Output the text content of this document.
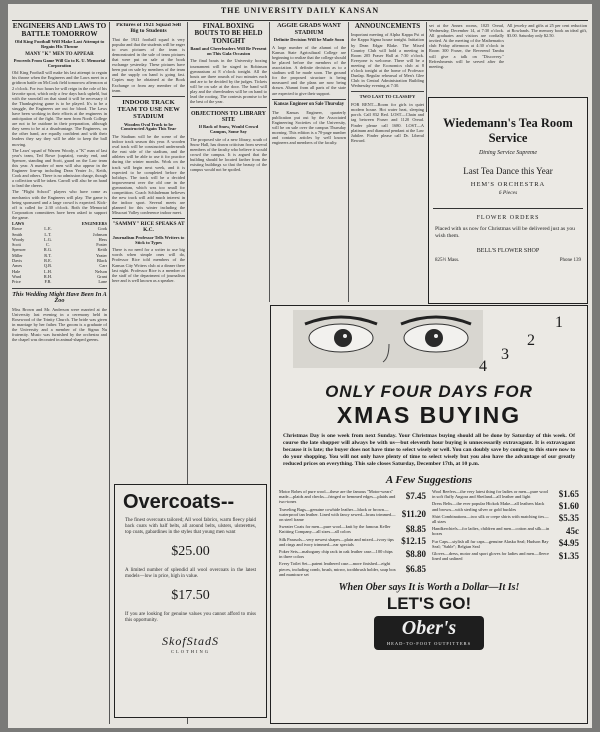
THE UNIVERSITY DAILY KANSAN
ENGINEERS AND LAWS TO BATTLE TOMORROW
Old King Football Will Make Last Attempt to Regain His Throne
MANY "K" MEN TO APPEAR
Proceeds From Game Will Go to K. U. Memorial Corporation

Old King Football will make his last attempt to regain his throne when the Engineers and the Laws meet in a gridiron battle on McCook field tomorrow afternoon at 2 o'clock. For two hours he will reign in the role of his favorite sport, which only a few days back upheld, but with the snowfall on that stand it will be necessary if the Thanksgiving game is to be played. It's to be a struggle, the Engineers are out for blood. The Laws have been working in their efforts at the engineers in anticipation of the fight. The men from North College are not to be outdone in their preparation, although they seem to be at a disadvantage. The Engineers, on the other hand, are equally confident and with their leaders they say they will be able to keep the ball moving.

The Laws' squad of Warren Woody, a "K" man of last year's team, Ted Rowe (captain), varsity end, and Spencer, standing and Scott, guard on the Law team this year. A number of men will also appear in the Engineer line-up including Dean Yeater Jr., Keith, Cook and others. There is no admission charge, though a collection will be taken. Carroll will also be on hand to lead the cheers.

The "Flight School" players who have come as mechanics with the Engineers will play. The game is being sponsored and a large crowd is expected. Kick-off is called for 2:30 o'clock. Both the Memorial Corporation committees have been asked to support the game.

LAWS		ENGINEERS
Rowe	L.E.	Cook
Smith	L.T.	Johnson
Woody	L.G.	Hess
Scott	C.	Foster
Spencer	R.G.	Keith
Miller	R.T.	Yeater
Davis	R.E.	Black
Ames	Q.B.	Carr
Hale	L.H.	Nelson
Ward	R.H.	Grant
Price	F.B.	Lane
This Wedding Might Have Been In A Zoo

Miss Brown and Mr. Anderson were married at the University last evening in a ceremony held in Rosewood of the Trinity Church. The bride was given in marriage by her father. The groom is a graduate of the University and a member of the Sigma Nu fraternity. Music was furnished by the orchestra and the chapel was decorated in animal-shaped greens.

Pictures of 1921 Squad Sell Big to Students

That the 1921 football squad is very popular and that the students will be eager to own pictures of the team is demonstrated in the sale of team pictures that were put on sale at the book exchange yesterday. These pictures have been put on sale by members of the team and the supply on hand is going fast. Copies may be obtained at the Book Exchange or from any member of the team.

INDOOR TRACK TEAM TO USE NEW STADIUM
Wooden Oval Track to be Constructed Again This Year

The Stadium will be the scene of the indoor track season this year. A wooden oval track will be constructed underneath the east side of the stadium, and the athletes will be able to use it for practice during the winter months. Work on the track will begin next week, and it is expected to be completed before the holidays. The track will be a decided improvement over the old one in the gymnasium, which was too small for competition. Coach Schlademan believes the new track will add much interest in the indoor sport. Several meets are planned for this winter including the Missouri Valley conference indoor meet.

"SAMMY" RICE SPEAKS AT K.C.
Journalism Professor Tells Writers to Stick to Types

There is no need for a writer to use big words when simple ones will do, Professor Rice told members of the Kansas City Writers club at a dinner there last night. Professor Rice is a member of the staff of the department of journalism here and is well known as a speaker.

FINAL BOXING BOUTS TO BE HELD TONIGHT
Band and Cheerleaders Will Be Present on This Gala Occasion

The final bouts in the University boxing tournament will be staged in Robinson gymnasium at 8 o'clock tonight. All the bouts are three rounds of two minutes each and are to be decided by the judges. Tickets will be on sale at the door. The band will play and the cheerleaders will be on hand to lead the rooting. The contests promise to be the best of the year.

OBJECTIONS TO LIBRARY SITE
If Back of Snow, Would Crowd Campus, Some Say

The proposed site of a new library, south of Snow Hall, has drawn criticism from several members of the faculty who believe it would crowd the campus. It is argued that the building should be located farther from the existing buildings so that the beauty of the campus would not be spoiled.

Overcoats--
The finest overcoats tailored; All wool fabrics, warm fleecy plaid back coats with half belts, all around belts, ulsters, ulsterettes, top coats, gabardines in the styles that young men want
$25.00
A limited number of splendid all wool overcoats in the latest models—low in price, high in value.
$17.50
If you are looking for genuine values you cannot afford to miss this opportunity.
SkofStadS
CLOTHING
AGGIE GRADS WANT STADIUM
Definite Decision Will be Made Soon

A large number of the alumni of the Kansas State Agricultural College are beginning to realize that the college should be placed before the members of the association. A definite decision as to a stadium will be made soon. The ground for the proposed structure is being measured and the plans are now being drawn. Alumni from all parts of the state are expected to give their support.

Kansas Engineer on Sale Thursday

The Kansas Engineer, quarterly publication put out by the Associated Engineering Societies of the University, will be on sale over the campus Thursday morning. This edition is a 70-page number and contains articles by well known engineers and members of the faculty.

ANNOUNCEMENTS

Important meeting of Alpha Kappa Psi at the Kappa Sigma house tonight. Initiation by Dean Edgar Blake. The Mixed Country Club will hold a meeting in Room 205 Fraser Hall at 7:30 o'clock. Everyone is welcome. There will be a meeting of the Economics club at 8 o'clock tonight at the home of Professor Dunlap. Regular rehearsal of Men's Glee Club in Central Administration Building Wednesday evening at 7:30.

TWO LAST TO CLASSIFY

FOR RENT—Room for girls in quiet modern house. Hot water heat, sleeping porch. Call 832 Red. LOST—Chain and tag between Fraser and 1120 Oread. Finder please call 1680. LOST—A platinum and diamond pendant at the Law Jubilee. Finder please call Dr. Liberal Reward.

set at the Annex rooms, 1025 Oread, Wednesday, December 14, at 7:30 o'clock. All graduates and visitors are cordially invited. At the meeting of the Mathematics club Friday afternoon at 4:30 o'clock in Room 300 Fraser, the Reverend Tambu will give a talk on "Discovery." Refreshments will be served after the meeting.
All jewelry and gifts at 25 per cent reduction at Rowlands. The memory book an ideal gift, $3.00. Saturday only $2.50.
Wiedemann's Tea Room
Service
Dining Service Supreme
Last Tea Dance this Year
HEM'S ORCHESTRA
6 Pieces
FLOWER ORDERS
Placed with us now for Christmas will be delivered just as you wish them.
BELL'S FLOWER SHOP
825½ Mass.	Phone 139
1
2
3
4
ONLY FOUR DAYS FOR
XMAS BUYING
Christmas Day is one week from next Sunday. Your Christmas buying should all be done by Saturday of this week. Of course the late shopper will always be with us—but eleventh hour buying is unnecessarily extravagant. It is extravagant because it is late; the buyer does not have time to select wisely or well. You can doubly save by coming to this store now to do your shopping. You will not only have plenty of time to select wisely but you also have the advantage of our greatly reduced prices on everything. This sale closes Saturday, December 17th, at 10 p.m.
A Few Suggestions
Motor Robes of pure wool—these are the famous "Motor-wears" made—plaids and checks—fringed or hemmed edges—plaids and two-tones
$7.45
Traveling Bags—genuine cowhide leather—black or brown—waterproof tan leather. Lined with fancy sewed—brass trimmed—on steel frame
$11.20
Sweater Coats for men—pure wool—knit by the famous Keller Knitting Company—all sizes—all colors	$8.85
Silk Parasols—very newest shapes—plain and mixed—ivory tips and rings and ivory trimmed—ear specials	$12.15
Poker Sets—mahogany chip rack in oak leather case—100 chips in three colors	$8.80
Every Toilet Set—patent leathered case—more finished—eight pieces, including comb, brush, mirror, toothbrush holder, soap box and manicure set
$6.85
Wool Reefers—the very latest thing for ladies or men—pure wool in soft fluffy Angora and Shetland—all leather and light	$1.65
Dress Belts—the ever popular Hickok Make—all leathers black and brown—with sterling silver or gold buckles	$1.60
Shirt Combinations—two silk or crepe shirts with matching ties—all sizes	$5.35
Handkerchiefs—for ladies, children and men—cotton and silk—in boxes	45c
Fur Caps—stylish all fur caps—genuine Alaska Seal; Hudson Bay Seal; "Sable"; Belgian Seal	$4.95
Gloves—dress, motor and sport gloves for ladies and men—fleece lined and unlined	$1.35
When Ober says It is Worth a Dollar—It Is!
LET'S GO!
Ober's
HEAD-TO-FOOT OUTFITTERS
